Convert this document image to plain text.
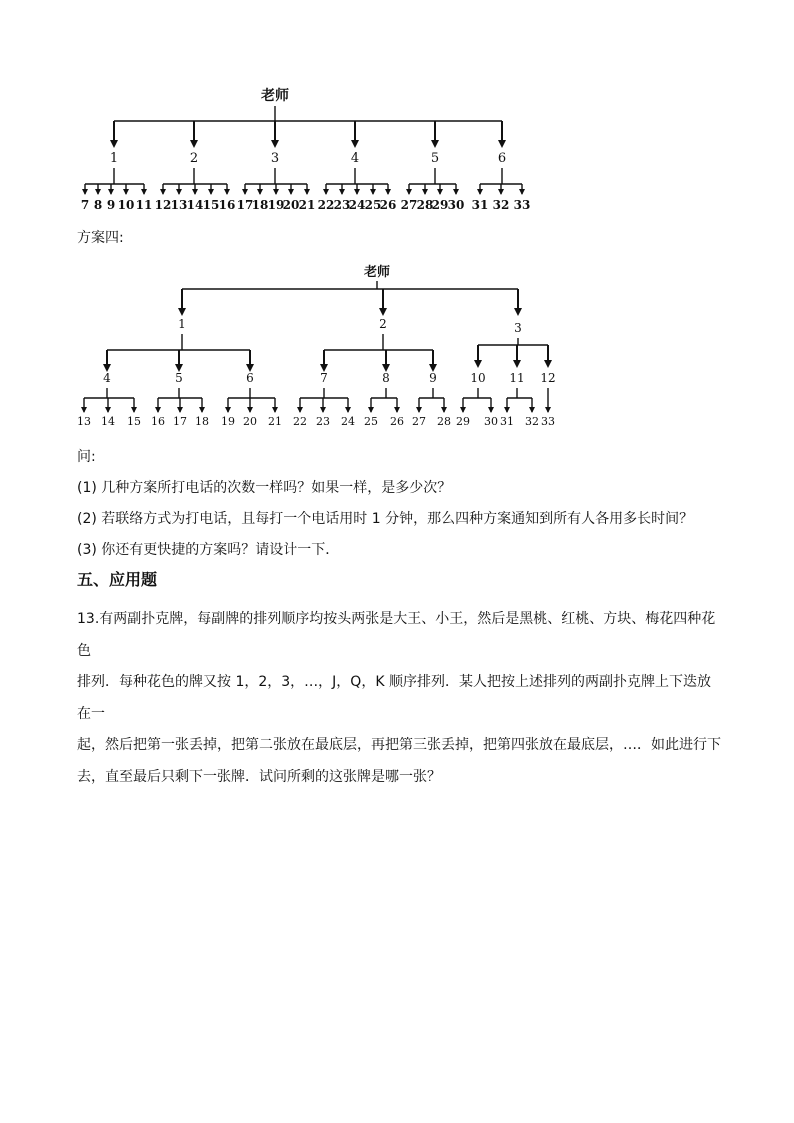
老师
1	2	3	4	5	6
7 8 9 10 11 12 13 14 15 16 17
18 19
20 21 22 23
24 25
26 27 28
29 30 31 32 33
方案四:
老师
1	2	3
4	5	6	7	8	9	10 11 12
13 14 15 16 17 18 19 20 21 22 23 24 25 26 27 28 29 30 31 32 33
问:
(1) 几种方案所打电话的次数一样吗？如果一样，是多少次？
(2) 若联络方式为打电话，且每打一个电话用时 1 分钟，那么四种方案通知到所有人各用多长时间？
(3) 你还有更快捷的方案吗？请设计一下．
五、应用题
13.有两副扑克牌，每副牌的排列顺序均按头两张是大王、小王，然后是黑桃、红桃、方块、梅花四种花色
排列．每种花色的牌又按 1，2，3，…，J，Q，K 顺序排列．某人把按上述排列的两副扑克牌上下迭放在一
起，然后把第一张丢掉，把第二张放在最底层，再把第三张丢掉，把第四张放在最底层，…．如此进行下
去，直至最后只剩下一张牌．试问所剩的这张牌是哪一张？
